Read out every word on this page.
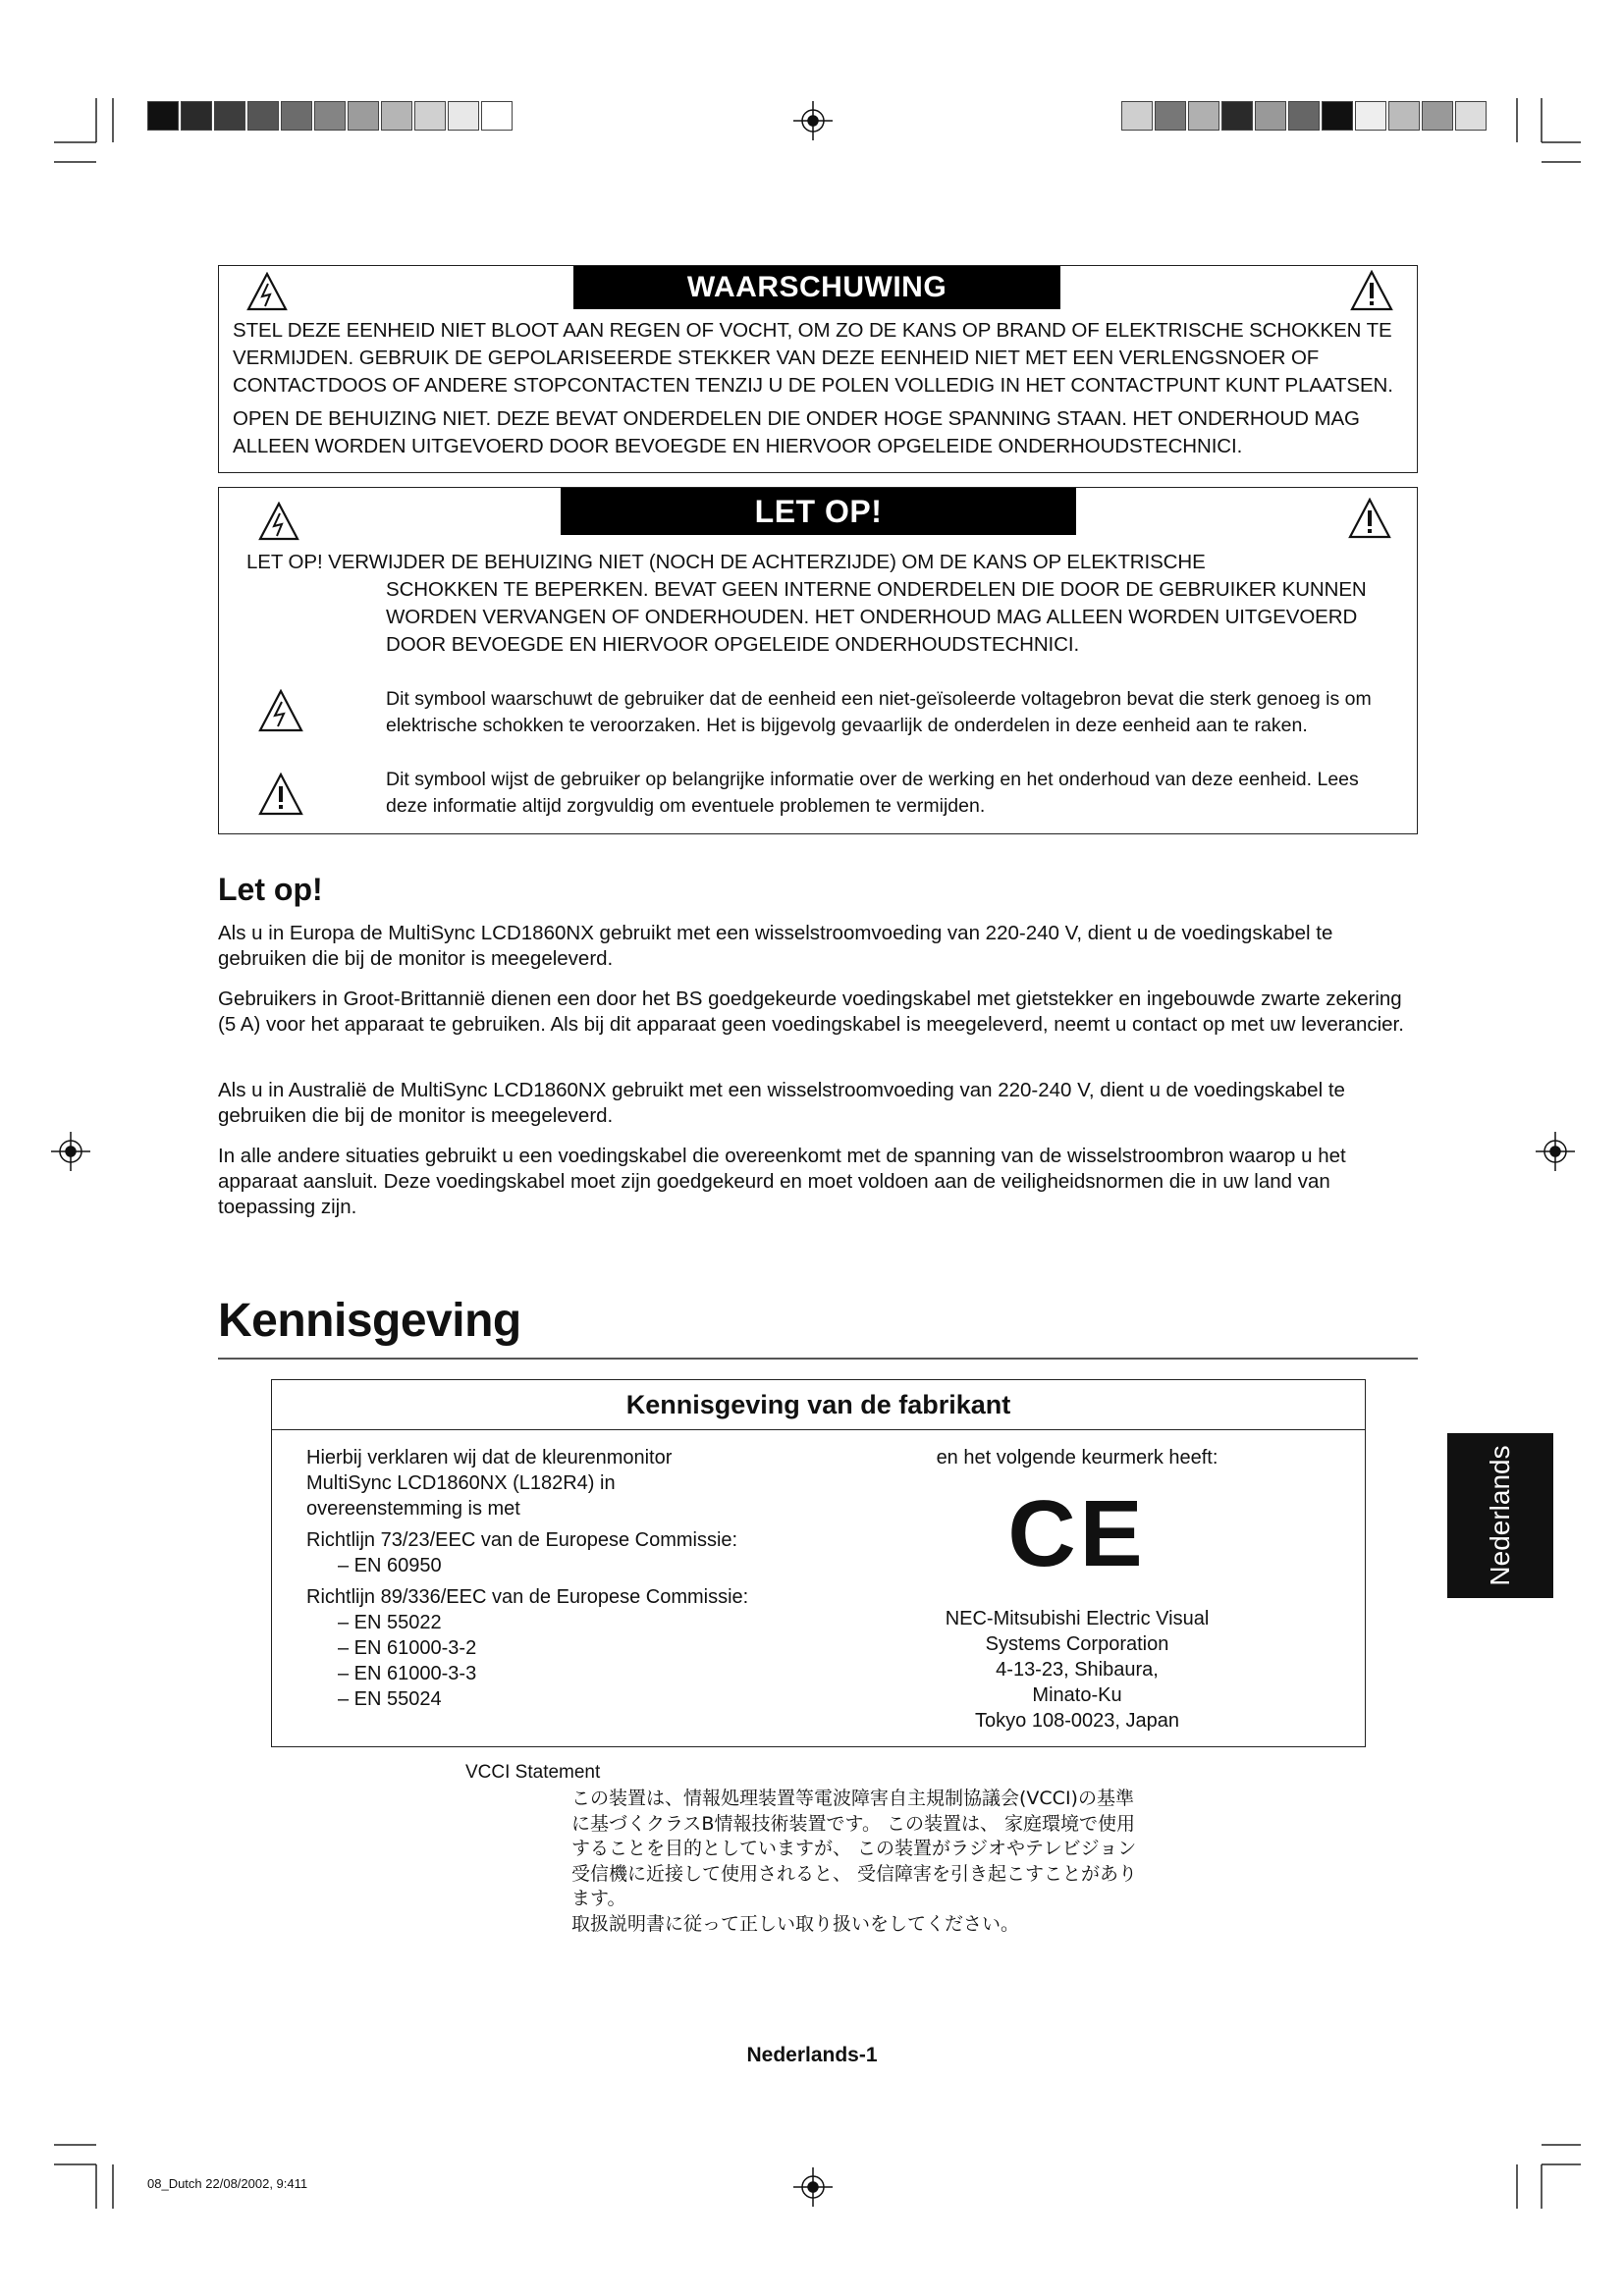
WAARSCHUWING

STEL DEZE EENHEID NIET BLOOT AAN REGEN OF VOCHT, OM ZO DE KANS OP BRAND OF ELEKTRISCHE SCHOKKEN TE VERMIJDEN. GEBRUIK DE GEPOLARISEERDE STEKKER VAN DEZE EENHEID NIET MET EEN VERLENGSNOER OF CONTACTDOOS OF ANDERE STOPCONTACTEN TENZIJ U DE POLEN VOLLEDIG IN HET CONTACTPUNT KUNT PLAATSEN.

OPEN DE BEHUIZING NIET. DEZE BEVAT ONDERDELEN DIE ONDER HOGE SPANNING STAAN. HET ONDERHOUD MAG ALLEEN WORDEN UITGEVOERD DOOR BEVOEGDE EN HIERVOOR OPGELEIDE ONDERHOUDSTECHNICI.

LET OP!
LET OP! VERWIJDER DE BEHUIZING NIET (NOCH DE ACHTERZIJDE) OM DE KANS OP ELEKTRISCHE

SCHOKKEN TE BEPERKEN. BEVAT GEEN INTERNE ONDERDELEN DIE DOOR DE GEBRUIKER KUNNEN WORDEN VERVANGEN OF ONDERHOUDEN. HET ONDERHOUD MAG ALLEEN WORDEN UITGEVOERD DOOR BEVOEGDE EN HIERVOOR OPGELEIDE ONDERHOUDSTECHNICI.

Dit symbool waarschuwt de gebruiker dat de eenheid een niet-geïsoleerde voltagebron bevat die sterk genoeg is om elektrische schokken te veroorzaken. Het is bijgevolg gevaarlijk de onderdelen in deze eenheid aan te raken.

Dit symbool wijst de gebruiker op belangrijke informatie over de werking en het onderhoud van deze eenheid. Lees deze informatie altijd zorgvuldig om eventuele problemen te vermijden.

Let op!

Als u in Europa de MultiSync LCD1860NX gebruikt met een wisselstroomvoeding van 220-240 V, dient u de voedingskabel te gebruiken die bij de monitor is meegeleverd.

Gebruikers in Groot-Brittannië dienen een door het BS goedgekeurde voedingskabel met gietstekker en ingebouwde zwarte zekering (5 A) voor het apparaat te gebruiken. Als bij dit apparaat geen voedingskabel is meegeleverd, neemt u contact op met uw leverancier.

Als u in Australië de MultiSync LCD1860NX gebruikt met een wisselstroomvoeding van 220-240 V, dient u de voedingskabel te gebruiken die bij de monitor is meegeleverd.

In alle andere situaties gebruikt u een voedingskabel die overeenkomt met de spanning van de wisselstroombron waarop u het apparaat aansluit. Deze voedingskabel moet zijn goedgekeurd en moet voldoen aan de veiligheidsnormen die in uw land van toepassing zijn.

Kennisgeving
Kennisgeving van de fabrikant

Hierbij verklaren wij dat de kleurenmonitor
MultiSync LCD1860NX (L182R4) in
overeenstemming is met

Richtlijn 73/23/EEC van de Europese Commissie:
– EN 60950

Richtlijn 89/336/EEC van de Europese Commissie:
– EN 55022
– EN 61000-3-2
– EN 61000-3-3
– EN 55024

en het volgende keurmerk heeft:
CE
NEC-Mitsubishi Electric Visual
Systems Corporation
4-13-23, Shibaura,
Minato-Ku
Tokyo 108-0023, Japan
Nederlands
VCCI Statement
この装置は、情報処理装置等電波障害自主規制協議会(VCCI)の基準
に基づくクラスB情報技術装置です。 この装置は、 家庭環境で使用
することを目的としていますが、 この装置がラジオやテレビジョン
受信機に近接して使用されると、 受信障害を引き起こすことがあり
ます。
取扱説明書に従って正しい取り扱いをしてください。
Nederlands-1
08_Dutch 22/08/2002, 9:411
